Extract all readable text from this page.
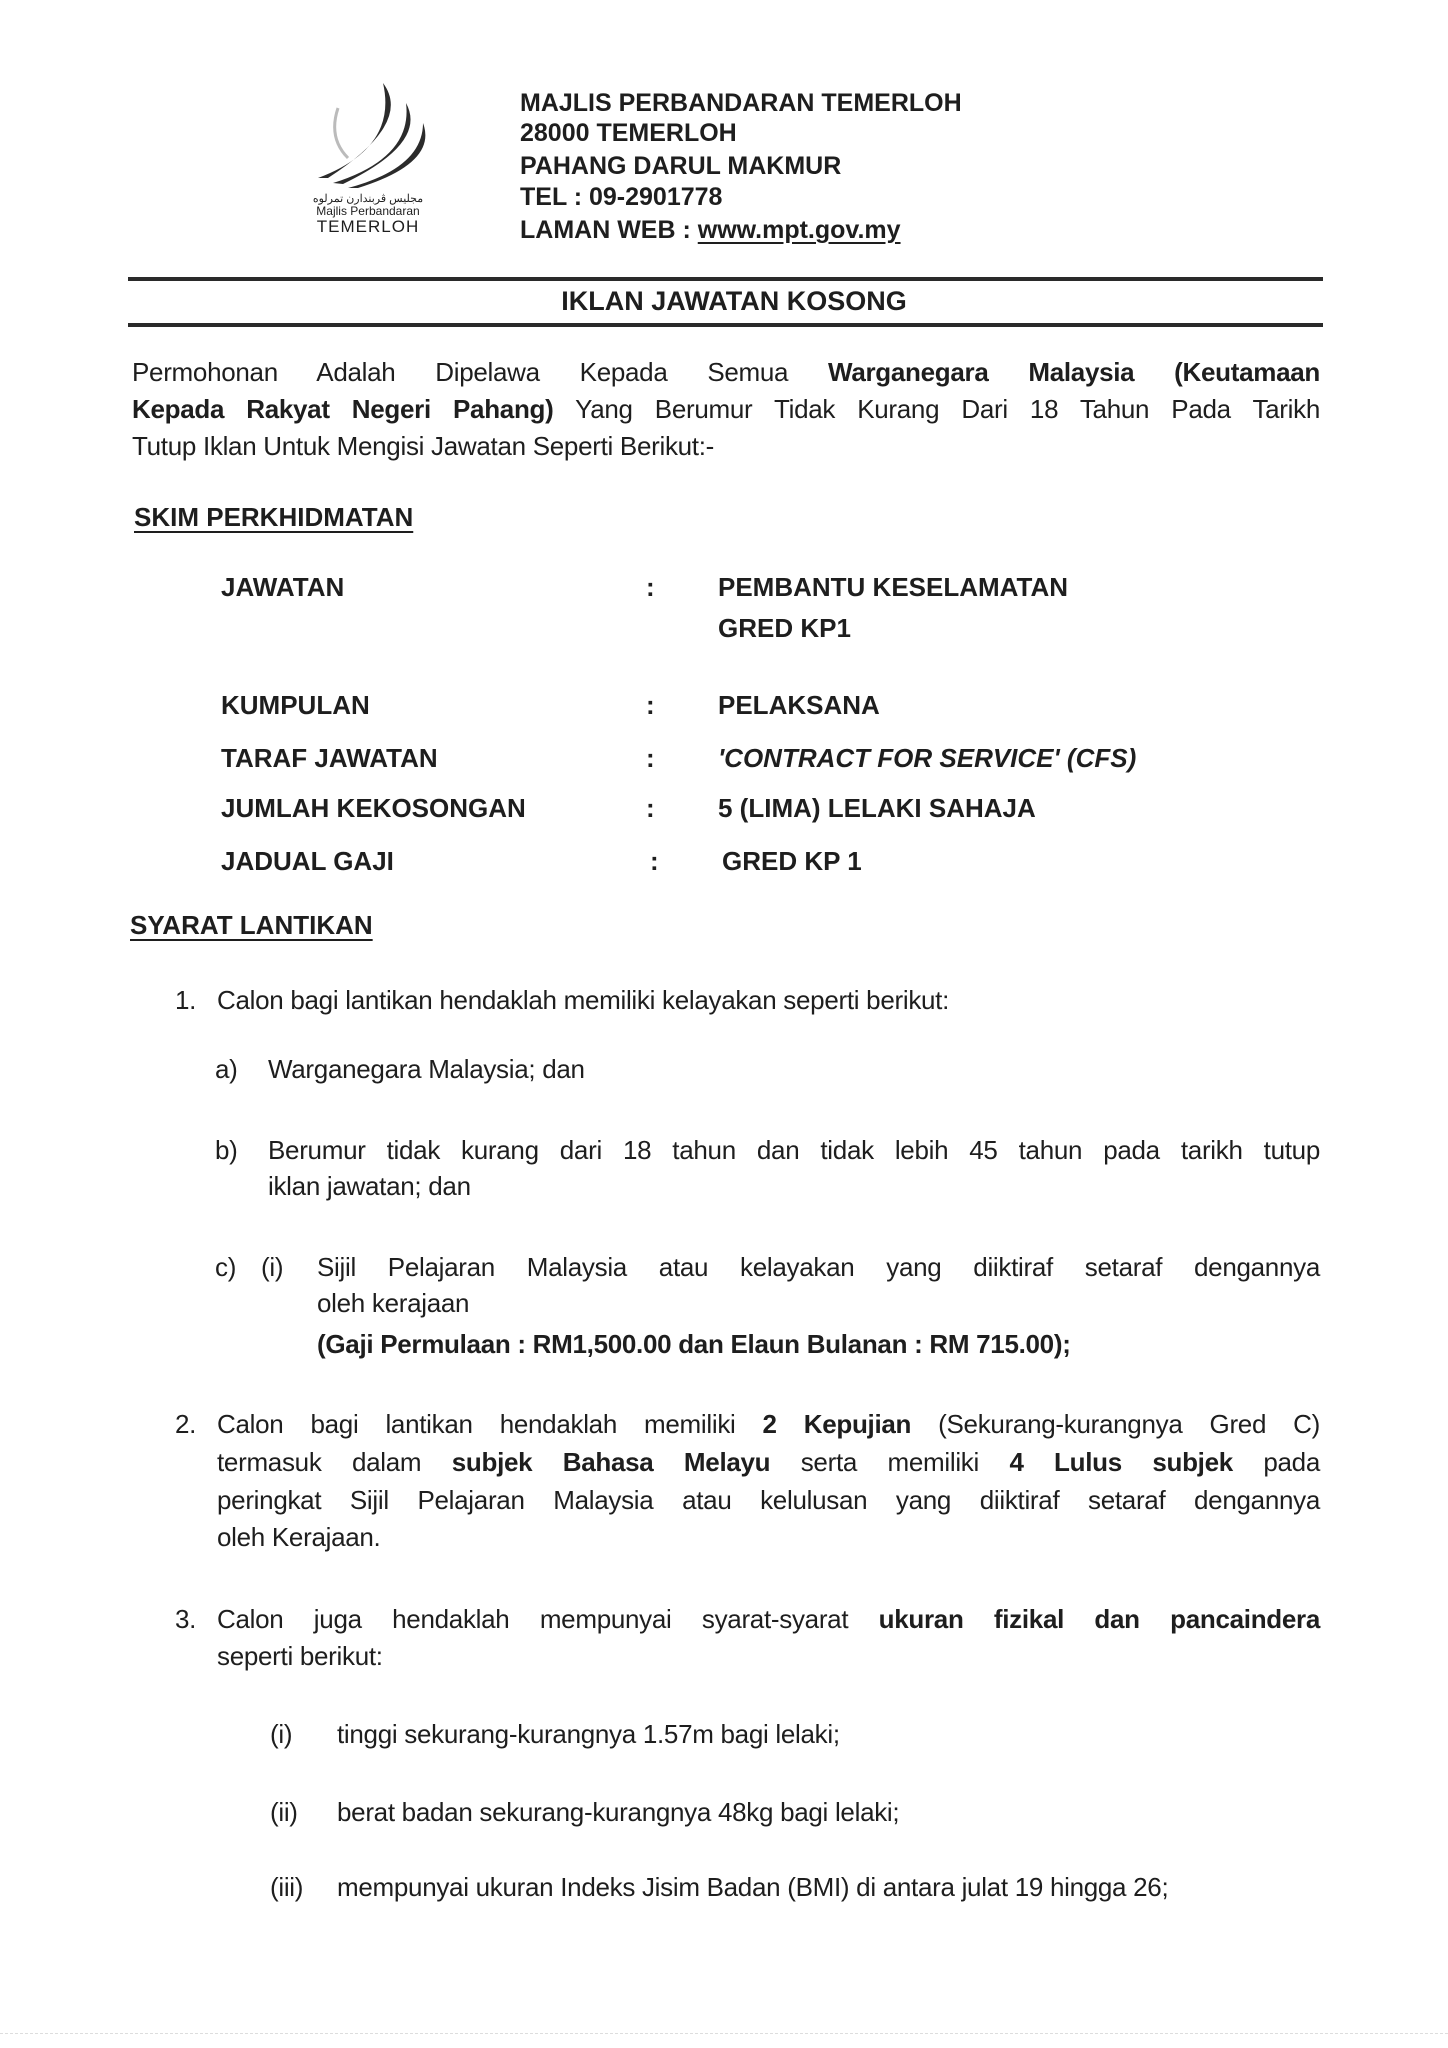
مجليس ڤربندارن تمرلوه
Majlis Perbandaran
TEMERLOH
MAJLIS PERBANDARAN TEMERLOH
28000 TEMERLOH
PAHANG DARUL MAKMUR
TEL : 09-2901778
LAMAN WEB : www.mpt.gov.my
IKLAN JAWATAN KOSONG
Permohonan Adalah Dipelawa Kepada Semua Warganegara Malaysia (Keutamaan
Kepada Rakyat Negeri Pahang) Yang Berumur Tidak Kurang Dari 18 Tahun Pada Tarikh
Tutup Iklan Untuk Mengisi Jawatan Seperti Berikut:-
SKIM PERKHIDMATAN
JAWATAN	: PEMBANTU KESELAMATAN
GRED KP1
KUMPULAN	: PELAKSANA
TARAF JAWATAN	: 'CONTRACT FOR SERVICE' (CFS)
JUMLAH KEKOSONGAN	: 5 (LIMA) LELAKI SAHAJA
JADUAL GAJI	: GRED KP 1
SYARAT LANTIKAN
1. Calon bagi lantikan hendaklah memiliki kelayakan seperti berikut:
a) Warganegara Malaysia; dan
b) Berumur tidak kurang dari 18 tahun dan tidak lebih 45 tahun pada tarikh tutup
iklan jawatan; dan
c) (i) Sijil Pelajaran Malaysia atau kelayakan yang diiktiraf setaraf dengannya
oleh kerajaan
(Gaji Permulaan : RM1,500.00 dan Elaun Bulanan : RM 715.00);
2. Calon bagi lantikan hendaklah memiliki 2 Kepujian (Sekurang-kurangnya Gred C)
termasuk dalam subjek Bahasa Melayu serta memiliki 4 Lulus subjek pada
peringkat Sijil Pelajaran Malaysia atau kelulusan yang diiktiraf setaraf dengannya
oleh Kerajaan.
3. Calon juga hendaklah mempunyai syarat-syarat ukuran fizikal dan pancaindera
seperti berikut:
(i) tinggi sekurang-kurangnya 1.57m bagi lelaki;
(ii) berat badan sekurang-kurangnya 48kg bagi lelaki;
(iii) mempunyai ukuran Indeks Jisim Badan (BMI) di antara julat 19 hingga 26;
